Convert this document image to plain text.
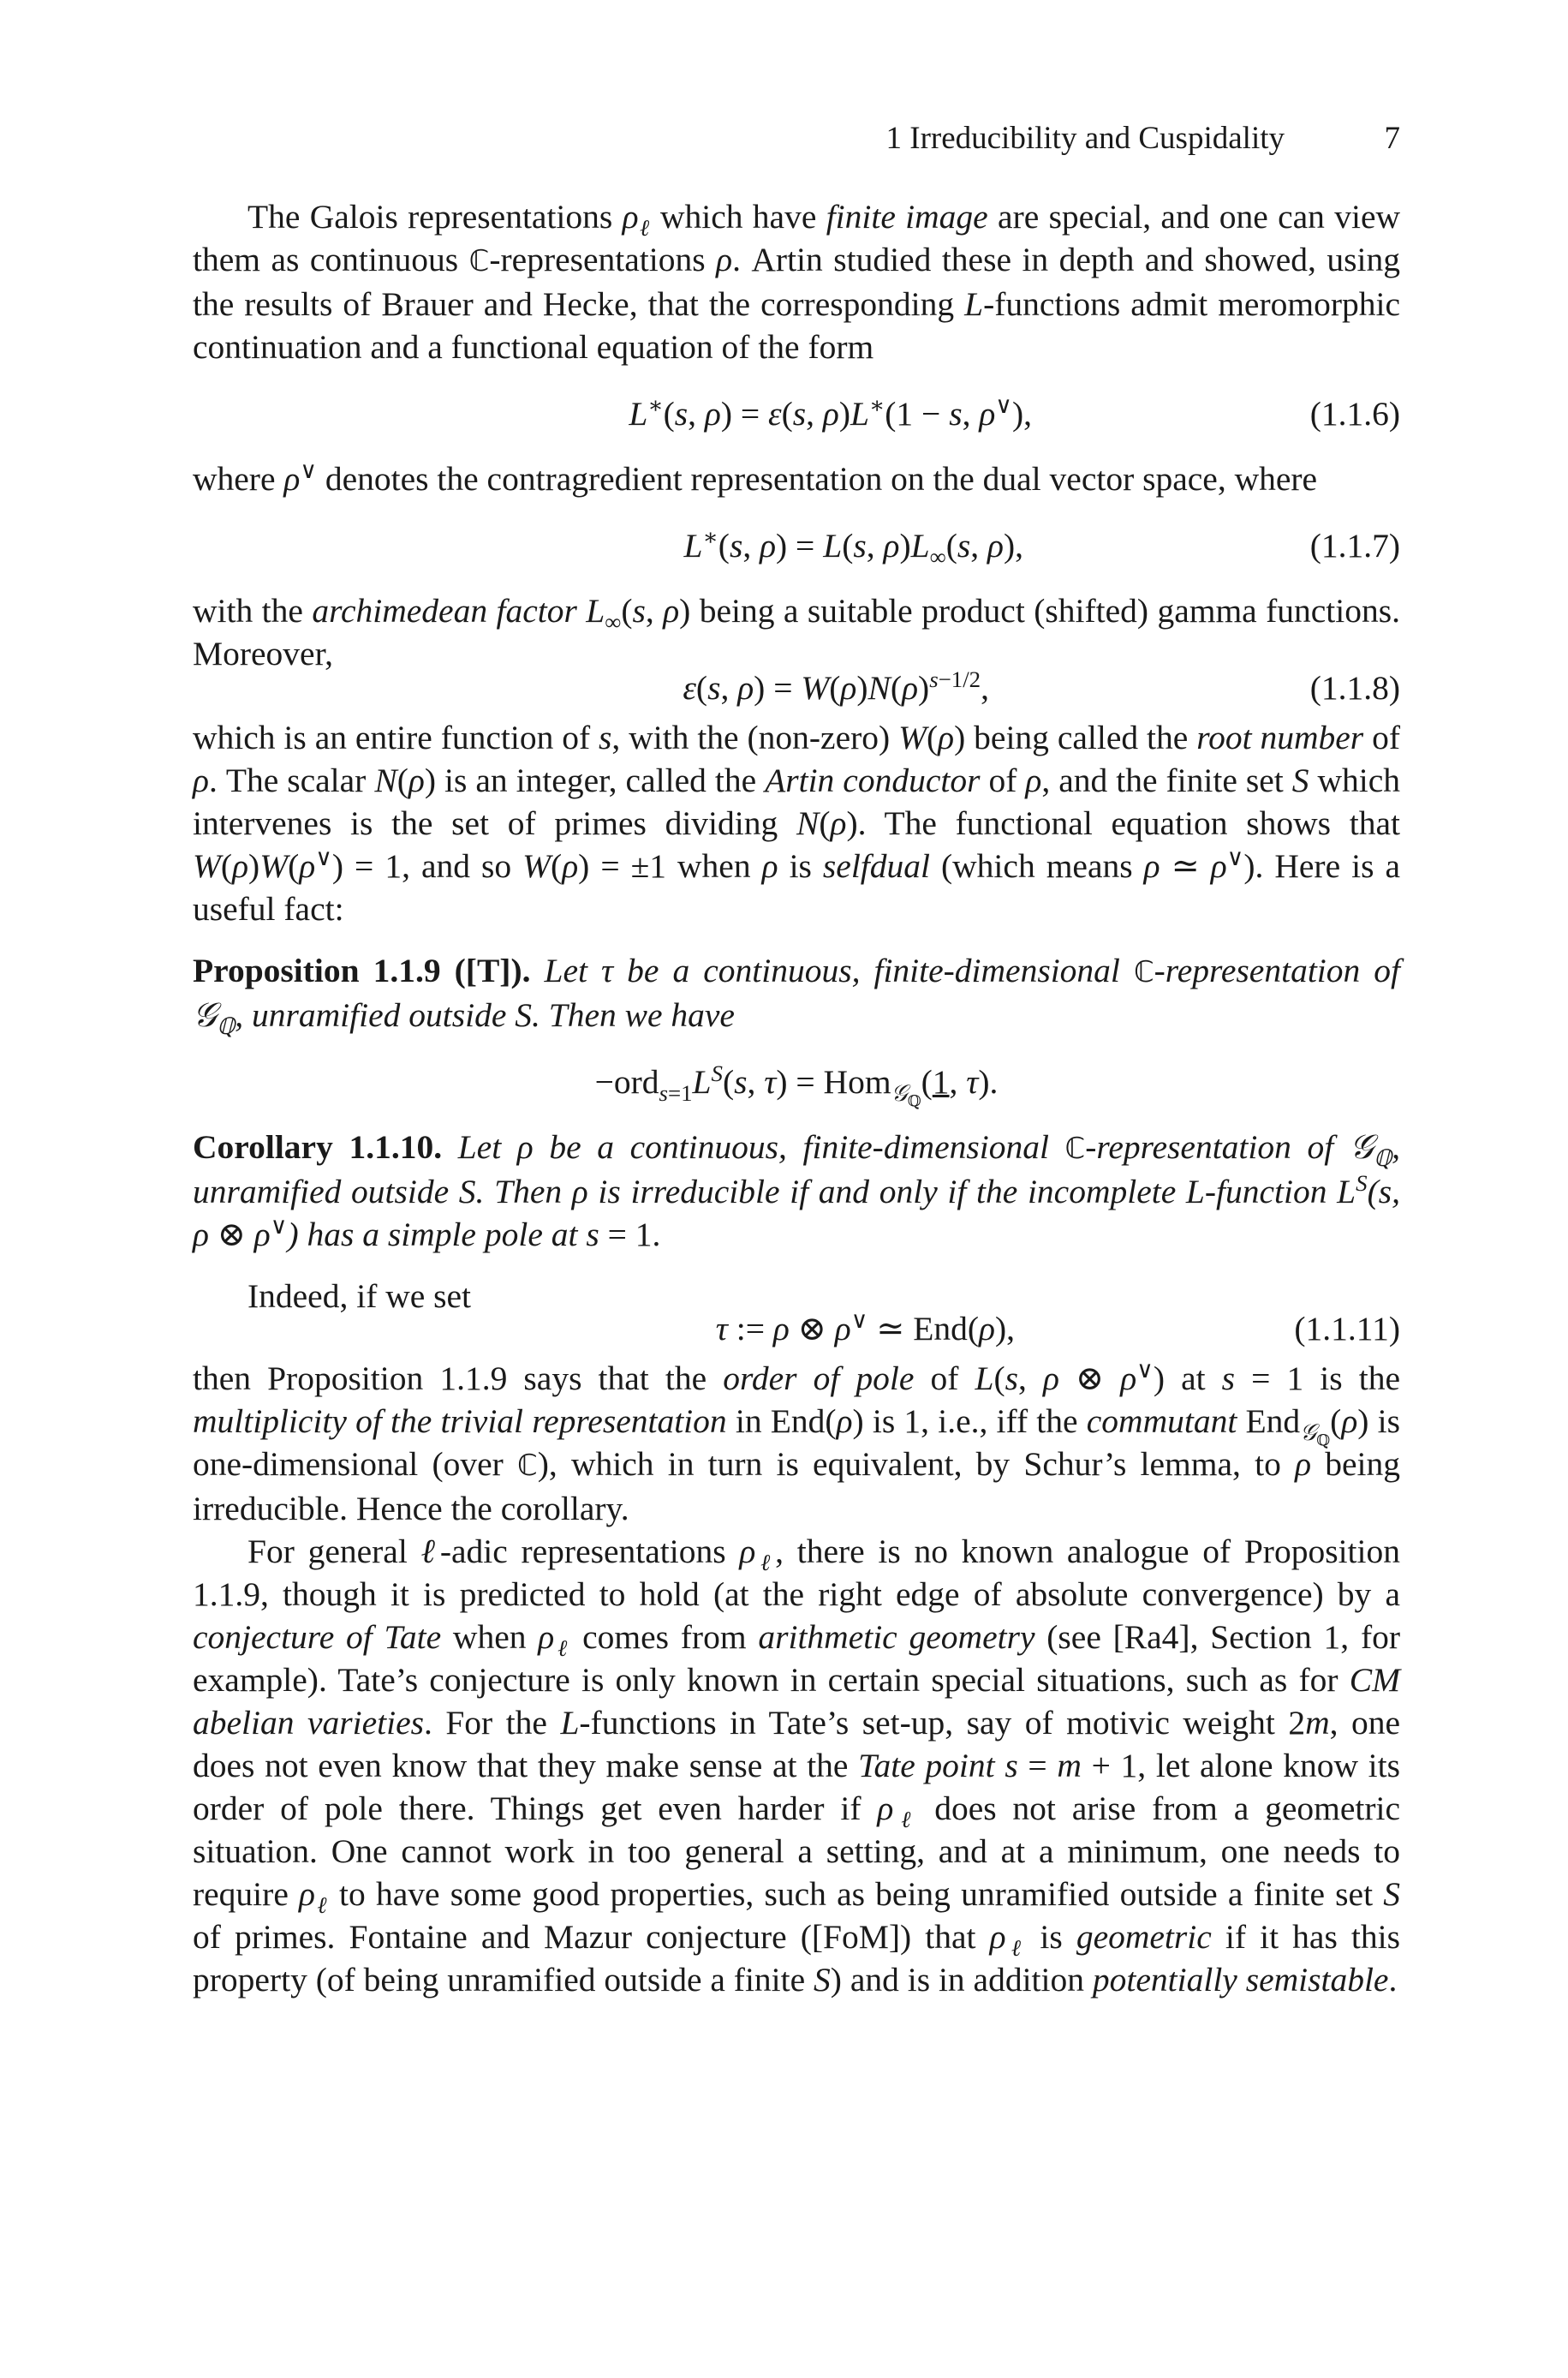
1 Irreducibility and Cuspidality	7

The Galois representations $\rho_\ell$ which have finite image are special, and one can view them as continuous ℂ-representations ρ. Artin studied these in depth and showed, using the results of Brauer and Hecke, that the corresponding L-functions admit meromorphic continuation and a functional equation of the form

L∗(s, ρ) = ε(s, ρ)L∗(1 − s, ρ∨),	(1.1.6)

where ρ∨ denotes the contragredient representation on the dual vector space, where

L∗(s, ρ) = L(s, $\rho)L_\infty(s$, ρ),	(1.1.7)

with the archimedean factor $L_\infty(s$, ρ) being a suitable product (shifted) gamma functions. Moreover,

ε(s, $\rho) = W(\rho)N(\rho)^{s-1/2}$,	(1.1.8)

which is an entire function of s, with the (non-zero) W(ρ) being called the root number of ρ. The scalar N(ρ) is an integer, called the Artin conductor of ρ, and the finite set S which intervenes is the set of primes dividing N(ρ). The functional equation shows that W(ρ)W(ρ∨) = 1, and so W(ρ) = ±1 when ρ is selfdual (which means ρ ≃ ρ∨). Here is a useful fact:

Proposition 1.1.9 ([T]). Let τ be a continuous, finite-dimensional ℂ-representation of 𝒢$_ℚ$, unramified outside S. Then we have

$-ord_{s=1}L^S(s$, τ) = Hom$_{𝒢_ℚ}$(1, τ).

Corollary 1.1.10. Let ρ be a continuous, finite-dimensional ℂ-representation of 𝒢$_ℚ$, unramified outside S. Then ρ is irreducible if and only if the incomplete L-function $L^S(s$, ρ ⊗ ρ∨) has a simple pole at s = 1.

Indeed, if we set

τ := ρ ⊗ ρ∨ ≃ End(ρ),	(1.1.11)

then Proposition 1.1.9 says that the order of pole of L(s, ρ ⊗ ρ∨) at s = 1 is the multiplicity of the trivial representation in End(ρ) is 1, i.e., iff the commutant End$_{𝒢_ℚ}$(ρ) is one-dimensional (over ℂ), which in turn is equivalent, by Schur’s lemma, to ρ being irreducible. Hence the corollary.

For general ℓ-adic representations $\rho_\ell$, there is no known analogue of Proposition 1.1.9, though it is predicted to hold (at the right edge of absolute convergence) by a conjecture of Tate when $\rho_\ell$ comes from arithmetic geometry (see [Ra4], Section 1, for example). Tate’s conjecture is only known in certain special situations, such as for CM abelian varieties. For the L-functions in Tate’s set-up, say of motivic weight 2m, one does not even know that they make sense at the Tate point s = m + 1, let alone know its order of pole there. Things get even harder if $\rho_\ell$ does not arise from a geometric situation. One cannot work in too general a setting, and at a minimum, one needs to require $\rho_\ell$ to have some good properties, such as being unramified outside a finite set S of primes. Fontaine and Mazur conjecture ([FoM]) that $\rho_\ell$ is geometric if it has this property (of being unramified outside a finite S) and is in addition potentially semistable.
